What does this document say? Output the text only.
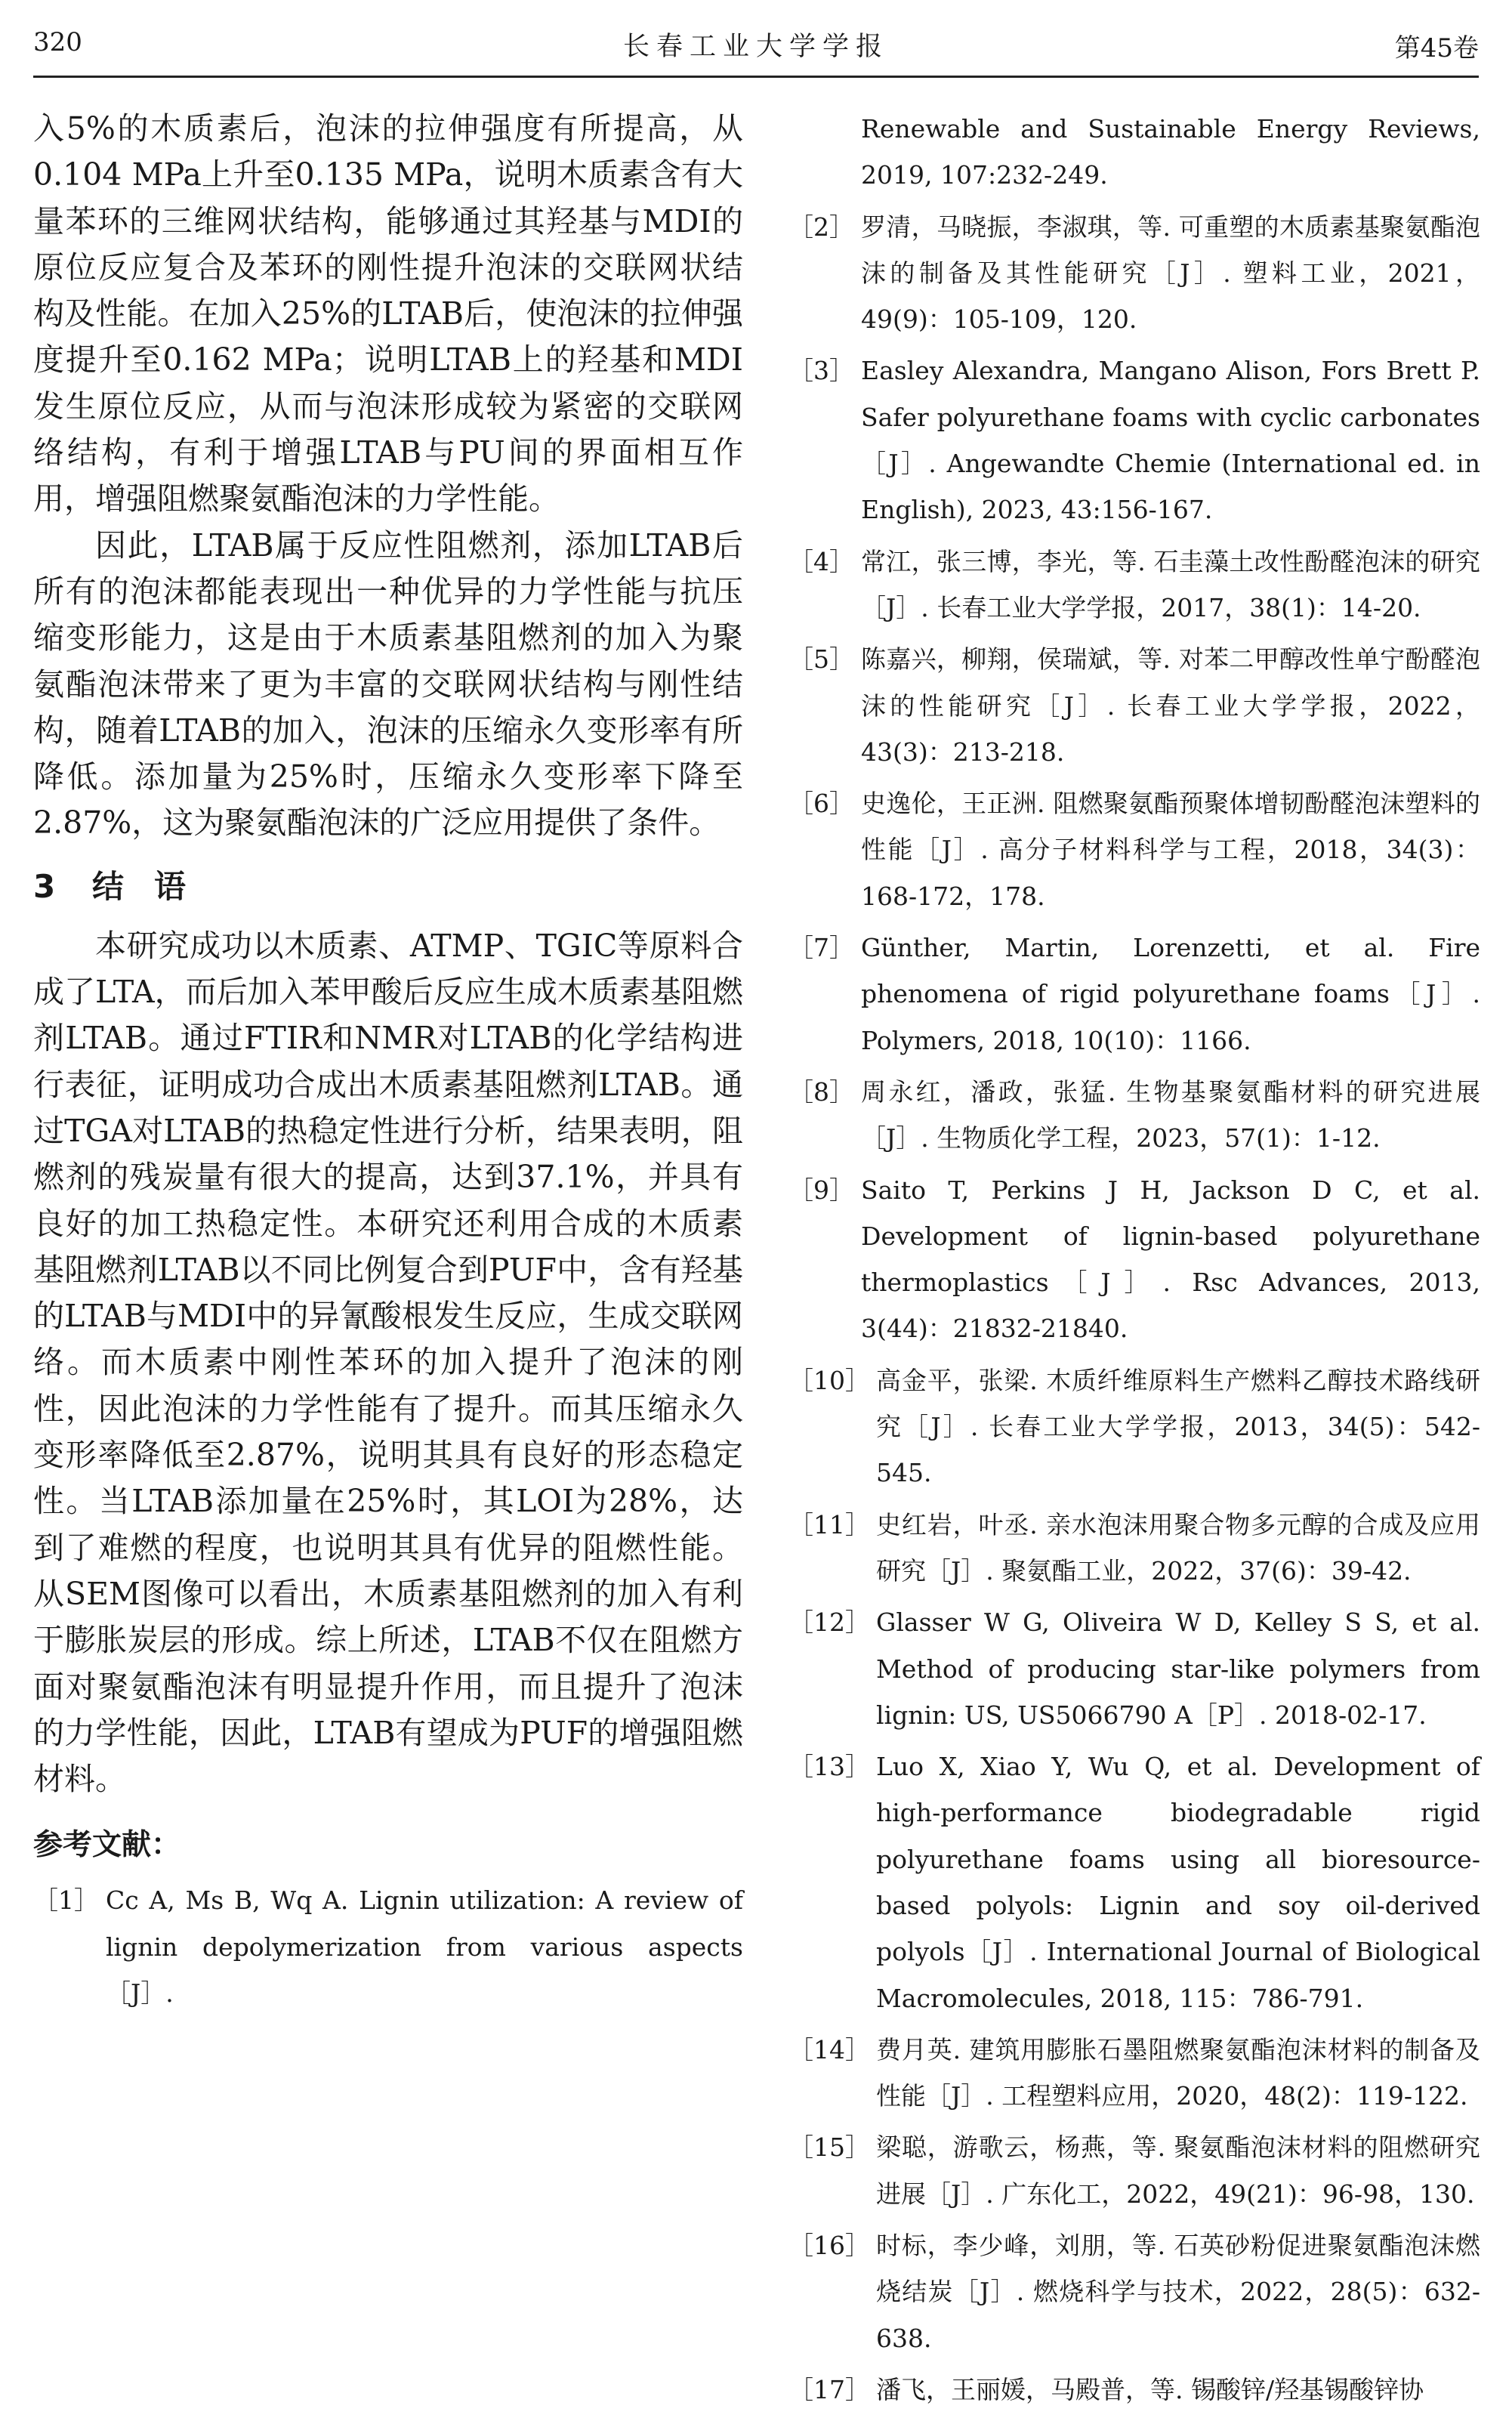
320	长春工业大学学报	第45卷

入5%的木质素后，泡沫的拉伸强度有所提高，从0.104 MPa上升至0.135 MPa，说明木质素含有大量苯环的三维网状结构，能够通过其羟基与MDI的原位反应复合及苯环的刚性提升泡沫的交联网状结构及性能。在加入25%的LTAB后，使泡沫的拉伸强度提升至0.162 MPa；说明LTAB上的羟基和MDI发生原位反应，从而与泡沫形成较为紧密的交联网络结构，有利于增强LTAB与PU间的界面相互作用，增强阻燃聚氨酯泡沫的力学性能。

因此，LTAB属于反应性阻燃剂，添加LTAB后所有的泡沫都能表现出一种优异的力学性能与抗压缩变形能力，这是由于木质素基阻燃剂的加入为聚氨酯泡沫带来了更为丰富的交联网状结构与刚性结构，随着LTAB的加入，泡沫的压缩永久变形率有所降低。添加量为25%时，压缩永久变形率下降至2.87%，这为聚氨酯泡沫的广泛应用提供了条件。

3 结语

本研究成功以木质素、ATMP、TGIC等原料合成了LTA，而后加入苯甲酸后反应生成木质素基阻燃剂LTAB。通过FTIR和NMR对LTAB的化学结构进行表征，证明成功合成出木质素基阻燃剂LTAB。通过TGA对LTAB的热稳定性进行分析，结果表明，阻燃剂的残炭量有很大的提高，达到37.1%，并具有良好的加工热稳定性。本研究还利用合成的木质素基阻燃剂LTAB以不同比例复合到PUF中，含有羟基的LTAB与MDI中的异氰酸根发生反应，生成交联网络。而木质素中刚性苯环的加入提升了泡沫的刚性，因此泡沫的力学性能有了提升。而其压缩永久变形率降低至2.87%，说明其具有良好的形态稳定性。当LTAB添加量在25%时，其LOI为28%，达到了难燃的程度，也说明其具有优异的阻燃性能。从SEM图像可以看出，木质素基阻燃剂的加入有利于膨胀炭层的形成。综上所述，LTAB不仅在阻燃方面对聚氨酯泡沫有明显提升作用，而且提升了泡沫的力学性能，因此，LTAB有望成为PUF的增强阻燃材料。

参考文献：
［1］ Cc A, Ms B, Wq A. Lignin utilization: A review of lignin depolymerization from various aspects［J］.
Renewable and Sustainable Energy Reviews, 2019, 107:232-249.
［2］ 罗清，马晓振，李淑琪，等. 可重塑的木质素基聚氨酯泡沫的制备及其性能研究［J］. 塑料工业，2021，49(9)：105-109，120.
［3］ Easley Alexandra, Mangano Alison, Fors Brett P. Safer polyurethane foams with cyclic carbonates［J］. Angewandte Chemie (International ed. in English), 2023, 43:156-167.
［4］ 常江，张三博，李光，等. 石圭藻土改性酚醛泡沫的研究［J］. 长春工业大学学报，2017，38(1)：14-20.
［5］ 陈嘉兴，柳翔，侯瑞斌，等. 对苯二甲醇改性单宁酚醛泡沫的性能研究［J］. 长春工业大学学报，2022，43(3)：213-218.
［6］ 史逸伦，王正洲. 阻燃聚氨酯预聚体增韧酚醛泡沫塑料的性能［J］. 高分子材料科学与工程，2018，34(3)：168-172，178.
［7］ Günther, Martin, Lorenzetti, et al. Fire phenomena of rigid polyurethane foams［J］. Polymers, 2018, 10(10)：1166.
［8］ 周永红，潘政，张猛. 生物基聚氨酯材料的研究进展［J］. 生物质化学工程，2023，57(1)：1-12.
［9］ Saito T, Perkins J H, Jackson D C, et al. Development of lignin-based polyurethane thermoplastics［J］. Rsc Advances, 2013, 3(44)：21832-21840.
［10］ 高金平，张梁. 木质纤维原料生产燃料乙醇技术路线研究［J］. 长春工业大学学报，2013，34(5)：542-545.
［11］ 史红岩，叶丞. 亲水泡沫用聚合物多元醇的合成及应用研究［J］. 聚氨酯工业，2022，37(6)：39-42.
［12］ Glasser W G, Oliveira W D, Kelley S S, et al. Method of producing star-like polymers from lignin: US, US5066790 A［P］. 2018-02-17.
［13］ Luo X, Xiao Y, Wu Q, et al. Development of high-performance biodegradable rigid polyurethane foams using all bioresource-based polyols: Lignin and soy oil-derived polyols［J］. International Journal of Biological Macromolecules, 2018, 115：786-791.
［14］ 费月英. 建筑用膨胀石墨阻燃聚氨酯泡沫材料的制备及性能［J］. 工程塑料应用，2020，48(2)：119-122.
［15］ 梁聪，游歌云，杨燕，等. 聚氨酯泡沫材料的阻燃研究进展［J］. 广东化工，2022，49(21)：96-98，130.
［16］ 时标，李少峰，刘朋，等. 石英砂粉促进聚氨酯泡沫燃烧结炭［J］. 燃烧科学与技术，2022，28(5)：632-638.
［17］ 潘飞，王丽媛，马殿普，等. 锡酸锌/羟基锡酸锌协
